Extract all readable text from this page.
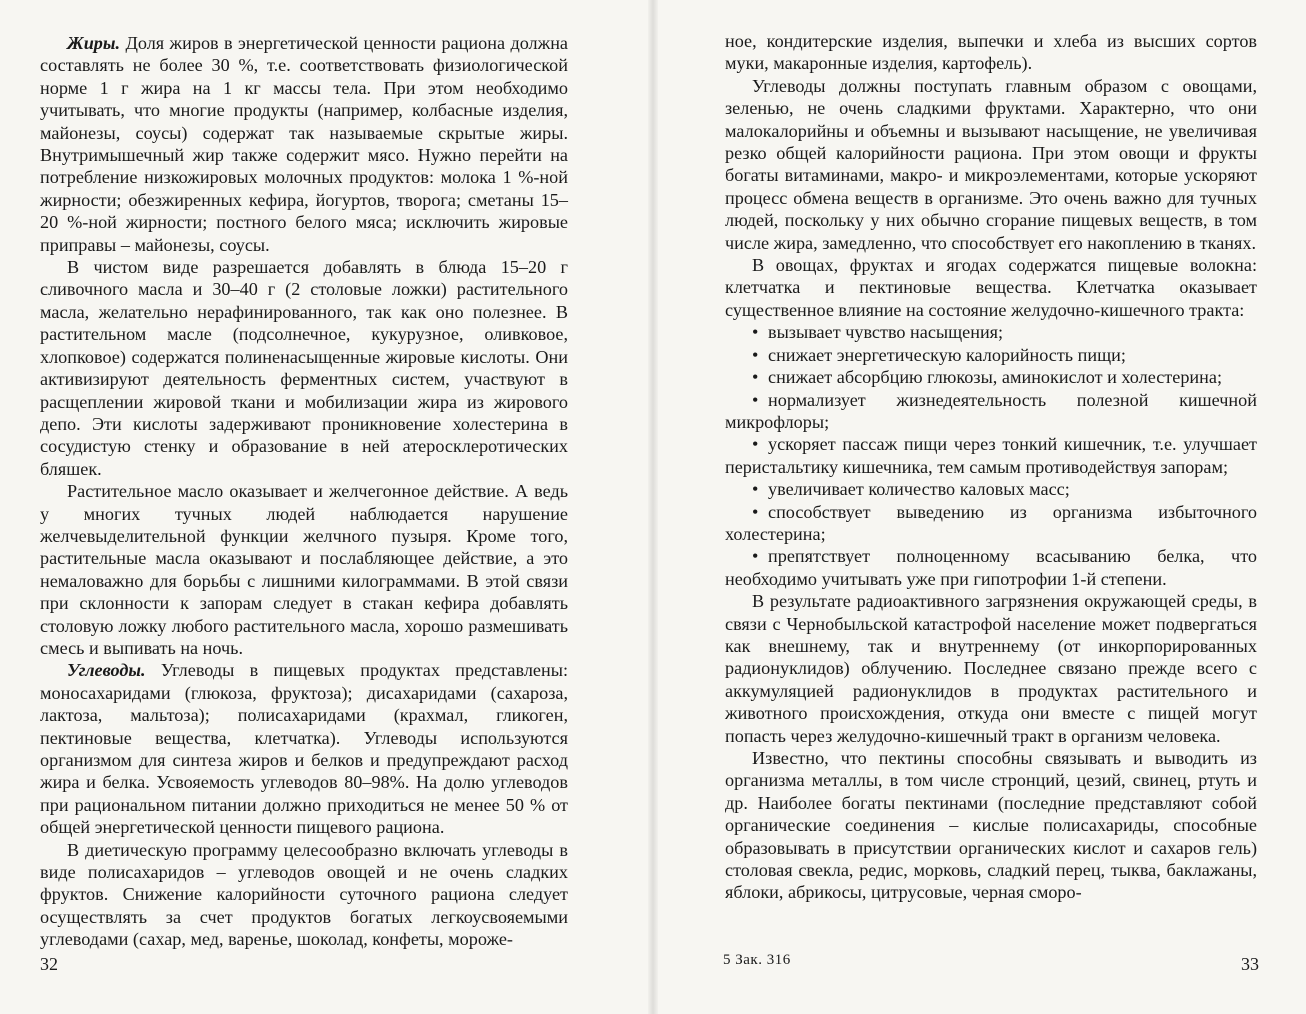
Жиры. Доля жиров в энергетической ценности рациона должна составлять не более 30 %, т.е. соответствовать физиологической норме 1 г жира на 1 кг массы тела. При этом необходимо учитывать, что многие продукты (например, колбасные изделия, майонезы, соусы) содержат так называемые скрытые жиры. Внутримышечный жир также содержит мясо. Нужно перейти на потребление низкожировых молочных продуктов: молока 1 %-ной жирности; обезжиренных кефира, йогуртов, творога; сметаны 15–20 %-ной жирности; постного белого мяса; исключить жировые приправы – майонезы, соусы.

В чистом виде разрешается добавлять в блюда 15–20 г сливочного масла и 30–40 г (2 столовые ложки) растительного масла, желательно нерафинированного, так как оно полезнее. В растительном масле (подсолнечное, кукурузное, оливковое, хлопковое) содержатся полиненасыщенные жировые кислоты. Они активизируют деятельность ферментных систем, участвуют в расщеплении жировой ткани и мобилизации жира из жирового депо. Эти кислоты задерживают проникновение холестерина в сосудистую стенку и образование в ней атеросклеротических бляшек.

Растительное масло оказывает и желчегонное действие. А ведь у многих тучных людей наблюдается нарушение желчевыделительной функции желчного пузыря. Кроме того, растительные масла оказывают и послабляющее действие, а это немаловажно для борьбы с лишними килограммами. В этой связи при склонности к запорам следует в стакан кефира добавлять столовую ложку любого растительного масла, хорошо размешивать смесь и выпивать на ночь.

Углеводы. Углеводы в пищевых продуктах представлены: моносахаридами (глюкоза, фруктоза); дисахаридами (сахароза, лактоза, мальтоза); полисахаридами (крахмал, гликоген, пектиновые вещества, клетчатка). Углеводы используются организмом для синтеза жиров и белков и предупреждают расход жира и белка. Усвояемость углеводов 80–98%. На долю углеводов при рациональном питании должно приходиться не менее 50 % от общей энергетической ценности пищевого рациона.

В диетическую программу целесообразно включать углеводы в виде полисахаридов – углеводов овощей и не очень сладких фруктов. Снижение калорийности суточного рациона следует осуществлять за счет продуктов богатых легкоусвояемыми углеводами (сахар, мед, варенье, шоколад, конфеты, мороже-

32

ное, кондитерские изделия, выпечки и хлеба из высших сортов муки, макаронные изделия, картофель).

Углеводы должны поступать главным образом с овощами, зеленью, не очень сладкими фруктами. Характерно, что они малокалорийны и объемны и вызывают насыщение, не увеличивая резко общей калорийности рациона. При этом овощи и фрукты богаты витаминами, макро- и микроэлементами, которые ускоряют процесс обмена веществ в организме. Это очень важно для тучных людей, поскольку у них обычно сгорание пищевых веществ, в том числе жира, замедленно, что способствует его накоплению в тканях.

В овощах, фруктах и ягодах содержатся пищевые волокна: клетчатка и пектиновые вещества. Клетчатка оказывает существенное влияние на состояние желудочно-кишечного тракта:

• вызывает чувство насыщения;
• снижает энергетическую калорийность пищи;
• снижает абсорбцию глюкозы, аминокислот и холестерина;
• нормализует жизнедеятельность полезной кишечной микрофлоры;
• ускоряет пассаж пищи через тонкий кишечник, т.е. улучшает перистальтику кишечника, тем самым противодействуя запорам;
• увеличивает количество каловых масс;
• способствует выведению из организма избыточного холестерина;
• препятствует полноценному всасыванию белка, что необходимо учитывать уже при гипотрофии 1-й степени.

В результате радиоактивного загрязнения окружающей среды, в связи с Чернобыльской катастрофой население может подвергаться как внешнему, так и внутреннему (от инкорпорированных радионуклидов) облучению. Последнее связано прежде всего с аккумуляцией радионуклидов в продуктах растительного и животного происхождения, откуда они вместе с пищей могут попасть через желудочно-кишечный тракт в организм человека.

Известно, что пектины способны связывать и выводить из организма металлы, в том числе стронций, цезий, свинец, ртуть и др. Наиболее богаты пектинами (последние представляют собой органические соединения – кислые полисахариды, способные образовывать в присутствии органических кислот и сахаров гель) столовая свекла, редис, морковь, сладкий перец, тыква, баклажаны, яблоки, абрикосы, цитрусовые, черная сморо-

5 Зак. 316	33
